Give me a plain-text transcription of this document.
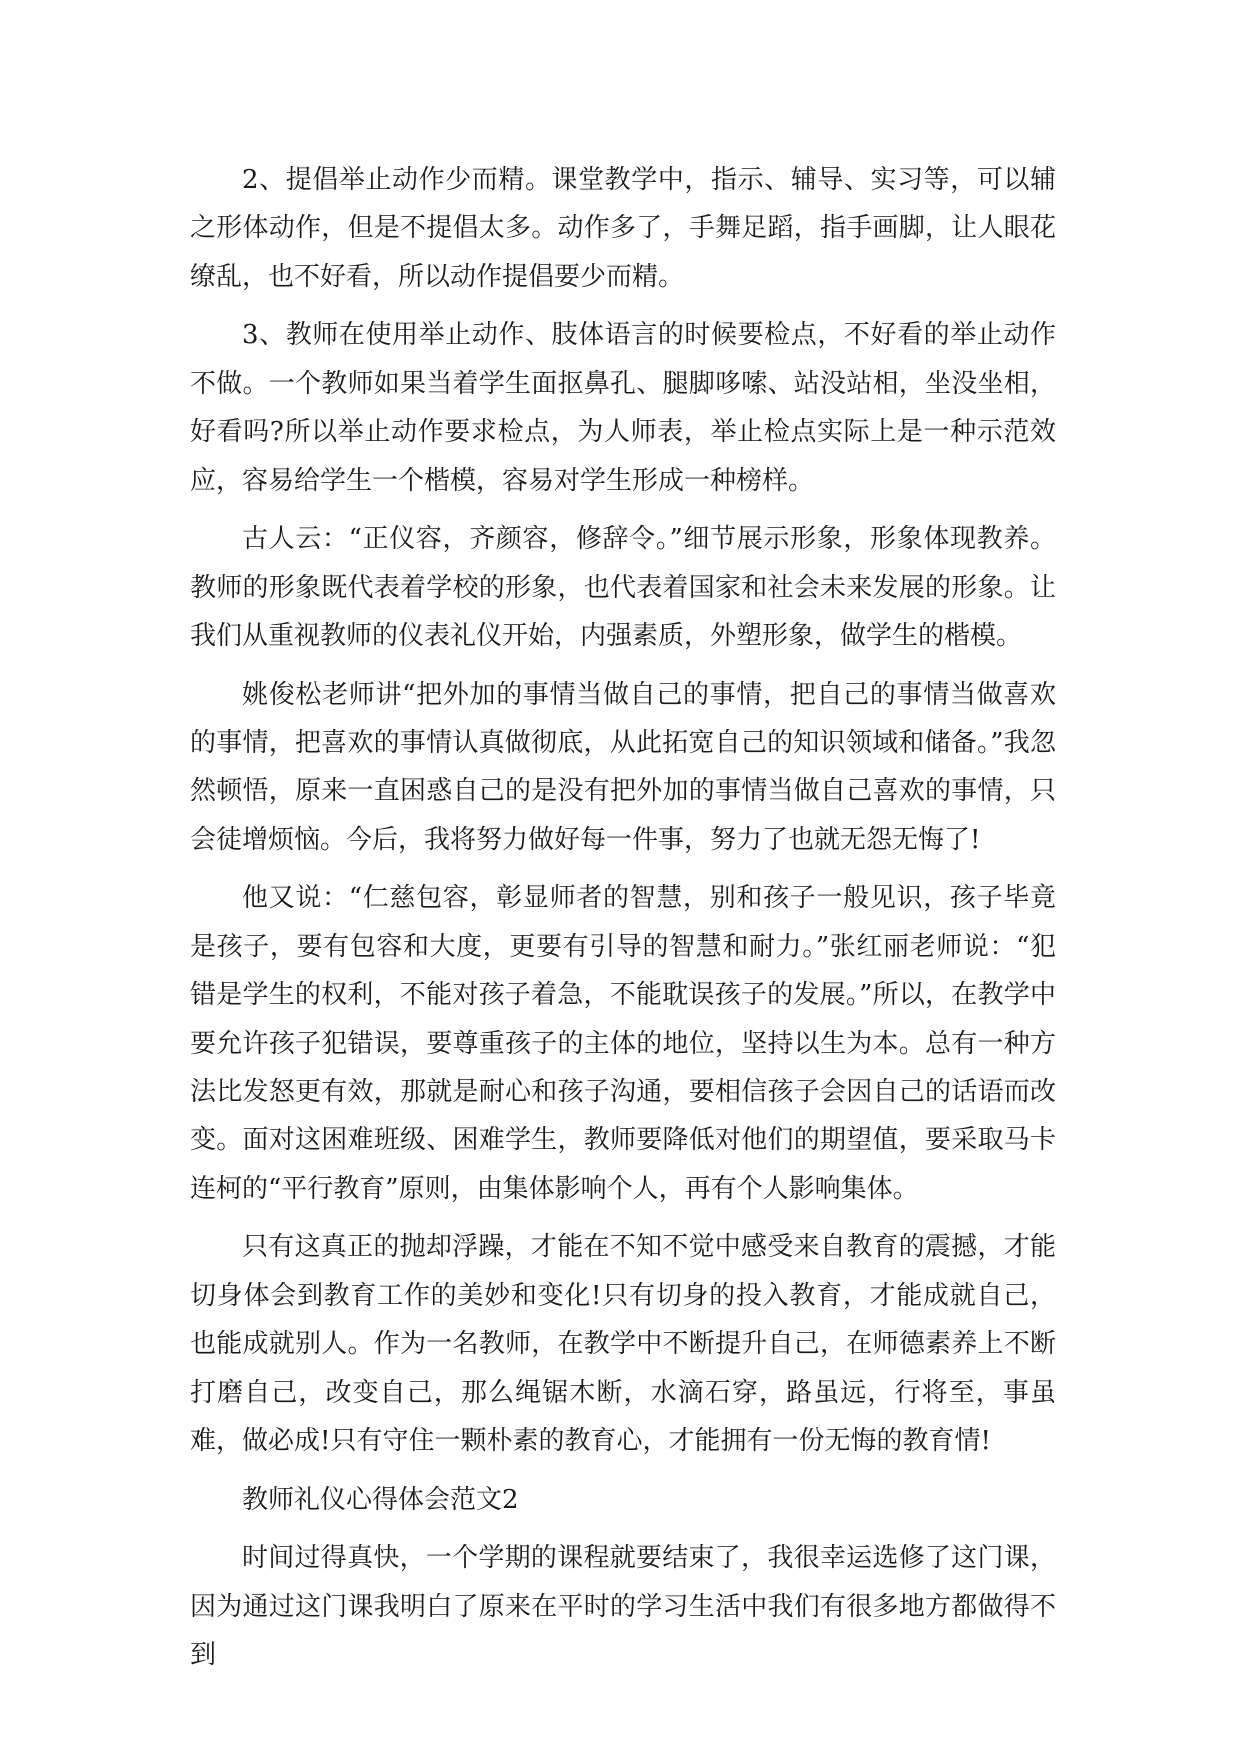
2、提倡举止动作少而精。课堂教学中，指示、辅导、实习等，可以辅之形体动作，但是不提倡太多。动作多了，手舞足蹈，指手画脚，让人眼花缭乱，也不好看，所以动作提倡要少而精。

3、教师在使用举止动作、肢体语言的时候要检点，不好看的举止动作不做。一个教师如果当着学生面抠鼻孔、腿脚哆嗦、站没站相，坐没坐相，好看吗?所以举止动作要求检点，为人师表，举止检点实际上是一种示范效应，容易给学生一个楷模，容易对学生形成一种榜样。

古人云：“正仪容，齐颜容，修辞令。”细节展示形象，形象体现教养。教师的形象既代表着学校的形象，也代表着国家和社会未来发展的形象。让我们从重视教师的仪表礼仪开始，内强素质，外塑形象，做学生的楷模。

姚俊松老师讲“把外加的事情当做自己的事情，把自己的事情当做喜欢的事情，把喜欢的事情认真做彻底，从此拓宽自己的知识领域和储备。”我忽然顿悟，原来一直困惑自己的是没有把外加的事情当做自己喜欢的事情，只会徒增烦恼。今后，我将努力做好每一件事，努力了也就无怨无悔了!

他又说：“仁慈包容，彰显师者的智慧，别和孩子一般见识，孩子毕竟是孩子，要有包容和大度，更要有引导的智慧和耐力。”张红丽老师说：“犯错是学生的权利，不能对孩子着急，不能耽误孩子的发展。”所以，在教学中要允许孩子犯错误，要尊重孩子的主体的地位，坚持以生为本。总有一种方法比发怒更有效，那就是耐心和孩子沟通，要相信孩子会因自己的话语而改变。面对这困难班级、困难学生，教师要降低对他们的期望值，要采取马卡连柯的“平行教育”原则，由集体影响个人，再有个人影响集体。

只有这真正的抛却浮躁，才能在不知不觉中感受来自教育的震撼，才能切身体会到教育工作的美妙和变化!只有切身的投入教育，才能成就自己，也能成就别人。作为一名教师，在教学中不断提升自己，在师德素养上不断打磨自己，改变自己，那么绳锯木断，水滴石穿，路虽远，行将至，事虽难，做必成!只有守住一颗朴素的教育心，才能拥有一份无悔的教育情!

教师礼仪心得体会范文2

时间过得真快，一个学期的课程就要结束了，我很幸运选修了这门课，因为通过这门课我明白了原来在平时的学习生活中我们有很多地方都做得不到
